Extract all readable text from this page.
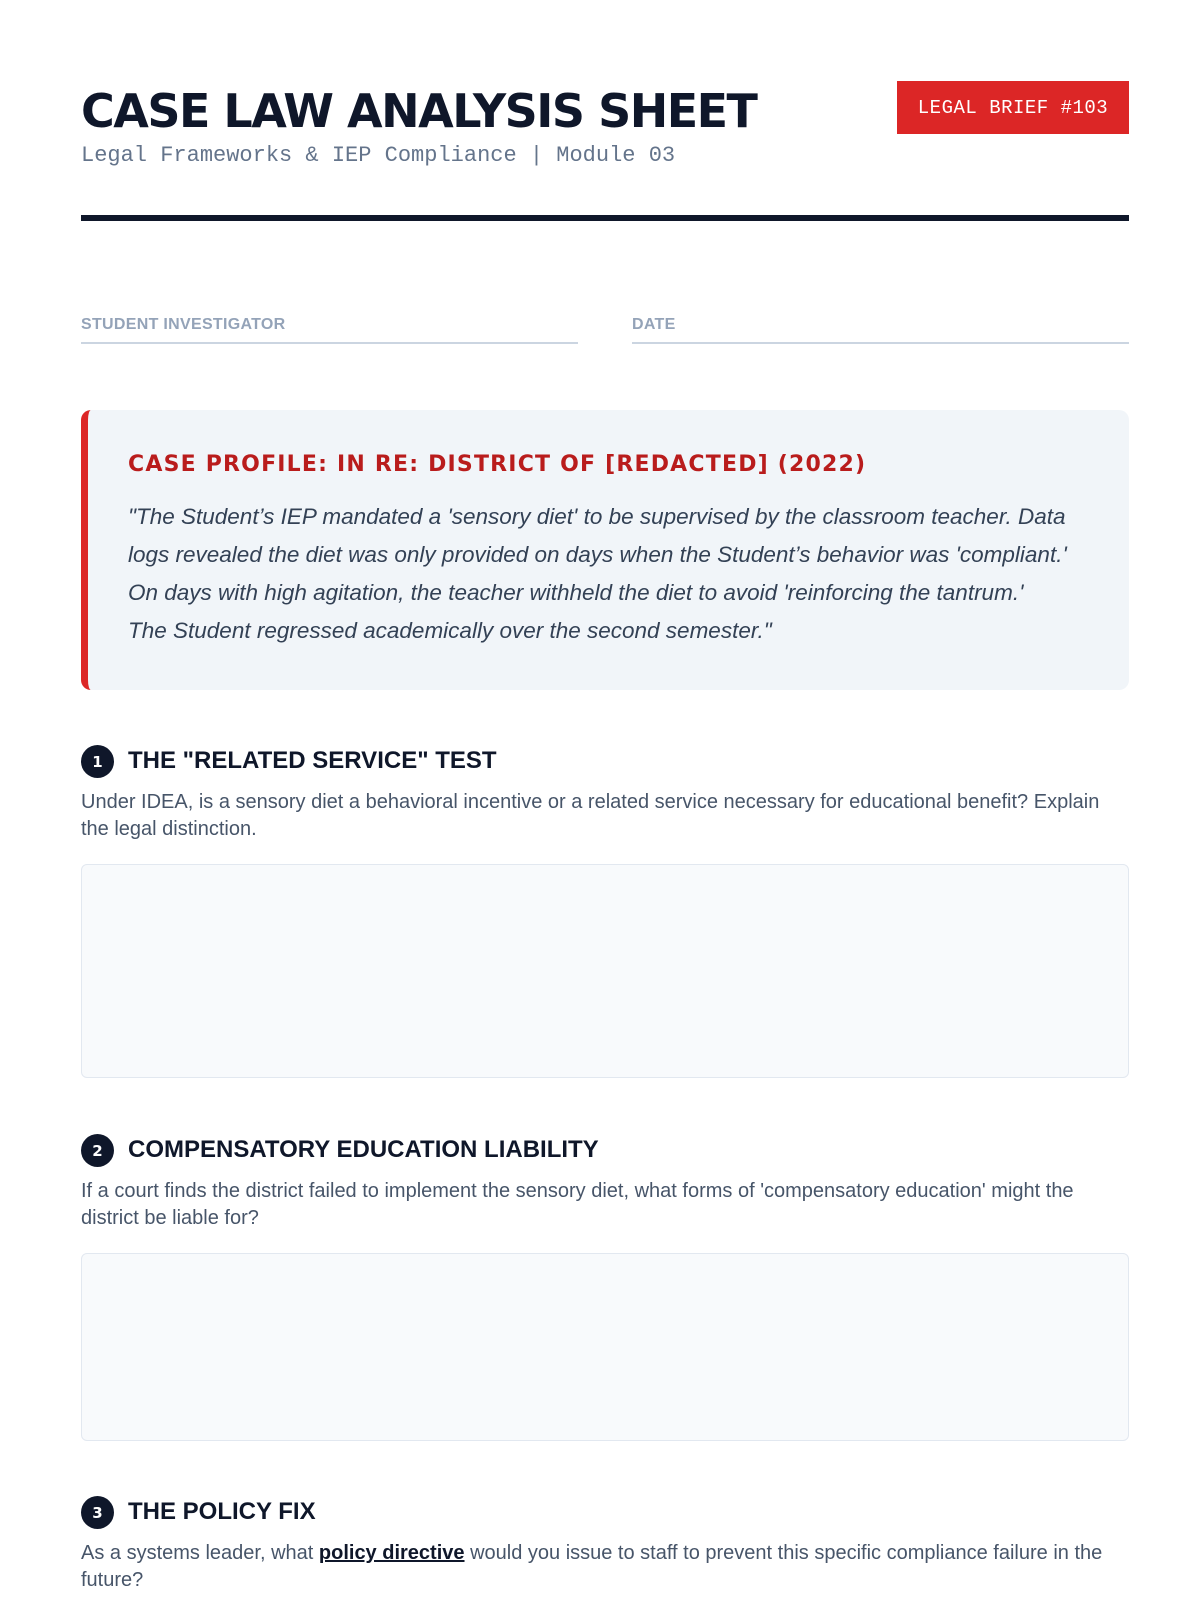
CASE LAW ANALYSIS SHEET
Legal Frameworks & IEP Compliance | Module 03
LEGAL BRIEF #103
STUDENT INVESTIGATOR	DATE
CASE PROFILE: IN RE: DISTRICT OF [REDACTED] (2022)

"The Student’s IEP mandated a 'sensory diet' to be supervised by the classroom teacher. Data logs revealed the diet was only provided on days when the Student’s behavior was 'compliant.' On days with high agitation, the teacher withheld the diet to avoid 'reinforcing the tantrum.' The Student regressed academically over the second semester."

1	THE "RELATED SERVICE" TEST

Under IDEA, is a sensory diet a behavioral incentive or a related service necessary for educational benefit? Explain the legal distinction.

2	COMPENSATORY EDUCATION LIABILITY

If a court finds the district failed to implement the sensory diet, what forms of 'compensatory education' might the district be liable for?

3	THE POLICY FIX

As a systems leader, what policy directive would you issue to staff to prevent this specific compliance failure in the future?
